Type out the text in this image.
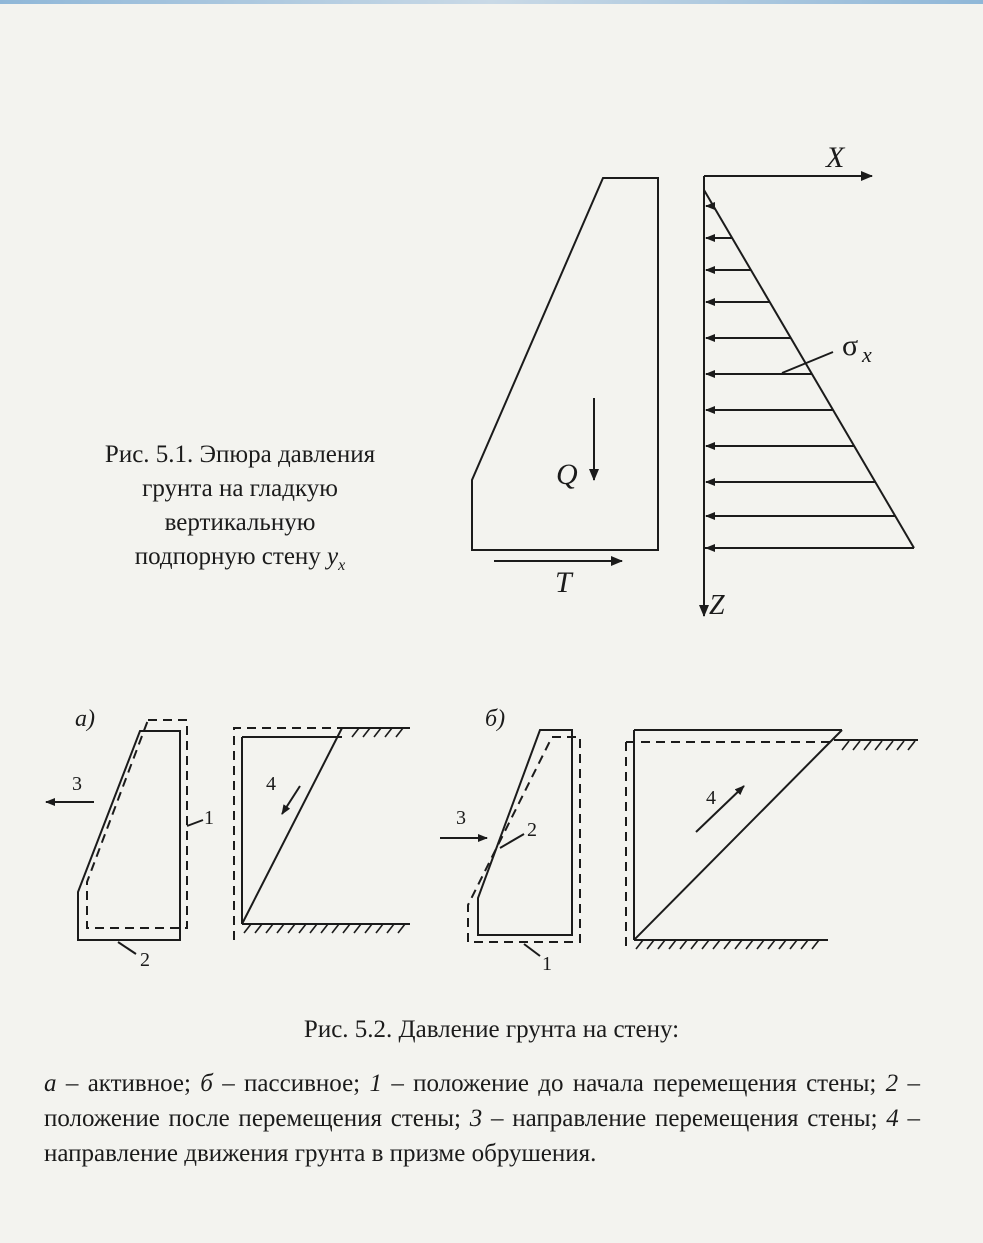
X
Z
σ x
Q
T
а)
3
1
2
4
б)
3
2
1
4
Рис. 5.1. Эпюра давления
грунта на гладкую
вертикальную
подпорную стену $y_x$
Рис. 5.2. Давление грунта на стену:
а – активное; б – пассивное; 1 – положение до начала перемещения стены; 2 – положение после перемещения стены; 3 – направление перемещения стены; 4 – направление движения грунта в призме обрушения.
